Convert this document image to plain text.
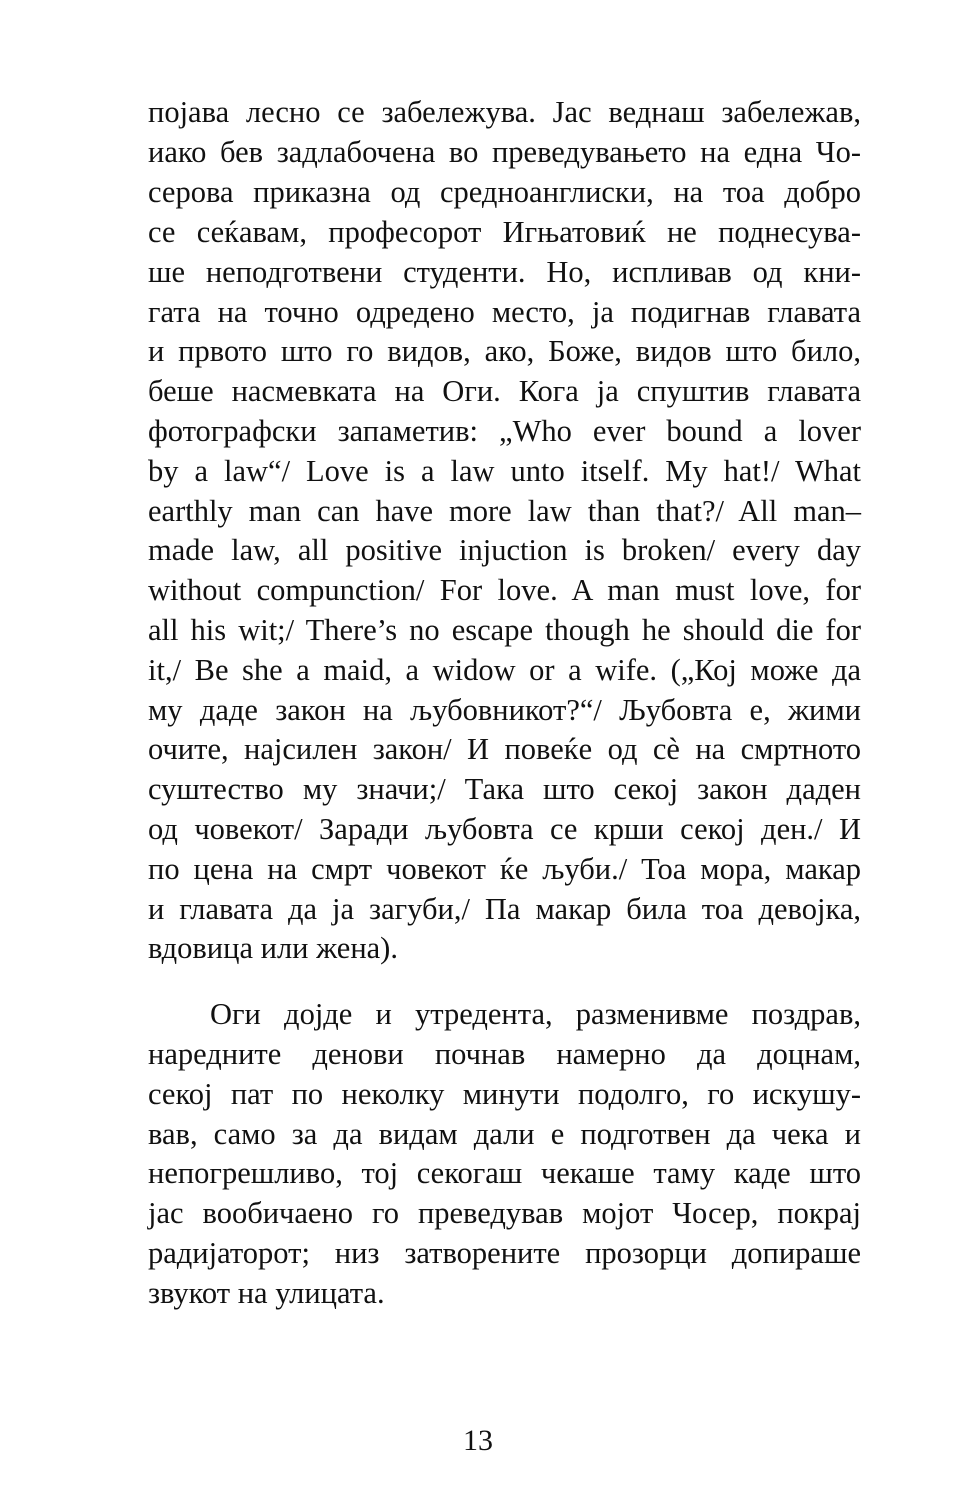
појава лесно се забележува. Јас веднаш забележав,
иако бев задлабочена во преведувањето на една Чо-
серова приказна од средноанглиски, на тоа добро
се сеќавам, професорот Игњатовиќ не поднесува-
ше неподготвени студенти. Но, испливав од кни-
гата на точно одредено место, ја подигнав главата
и првото што го видов, ако, Боже, видов што било,
беше насмевката на Оги. Кога ја спуштив главата
фотографски запаметив: „Who ever bound a lover
by a law“/ Love is a law unto itself. My hat!/ What
earthly man can have more law than that?/ All man–
made law, all positive injuction is broken/ every day
without compunction/ For love. A man must love, for
all his wit;/ There’s no escape though he should die for
it,/ Be she a maid, a widow or a wife. („Кој може да
му даде закон на љубовникот?“/ Љубовта е, жими
очите, најсилен закон/ И повеќе од сè на смртното
суштество му значи;/ Така што секој закон даден
од човекот/ Заради љубовта се крши секој ден./ И
по цена на смрт човекот ќе љуби./ Тоа мора, макар
и главата да ја загуби,/ Па макар била тоа девојка,
вдовица или жена).
Оги дојде и утредента, разменивме поздрав,
наредните денови почнав намерно да доцнам,
секој пат по неколку минути подолго, го искушу-
вав, само за да видам дали е подготвен да чека и
непогрешливо, тој секогаш чекаше таму каде што
јас вообичаено го преведував мојот Чосер, покрај
радијаторот; низ затворените прозорци допираше
звукот на улицата.
13
